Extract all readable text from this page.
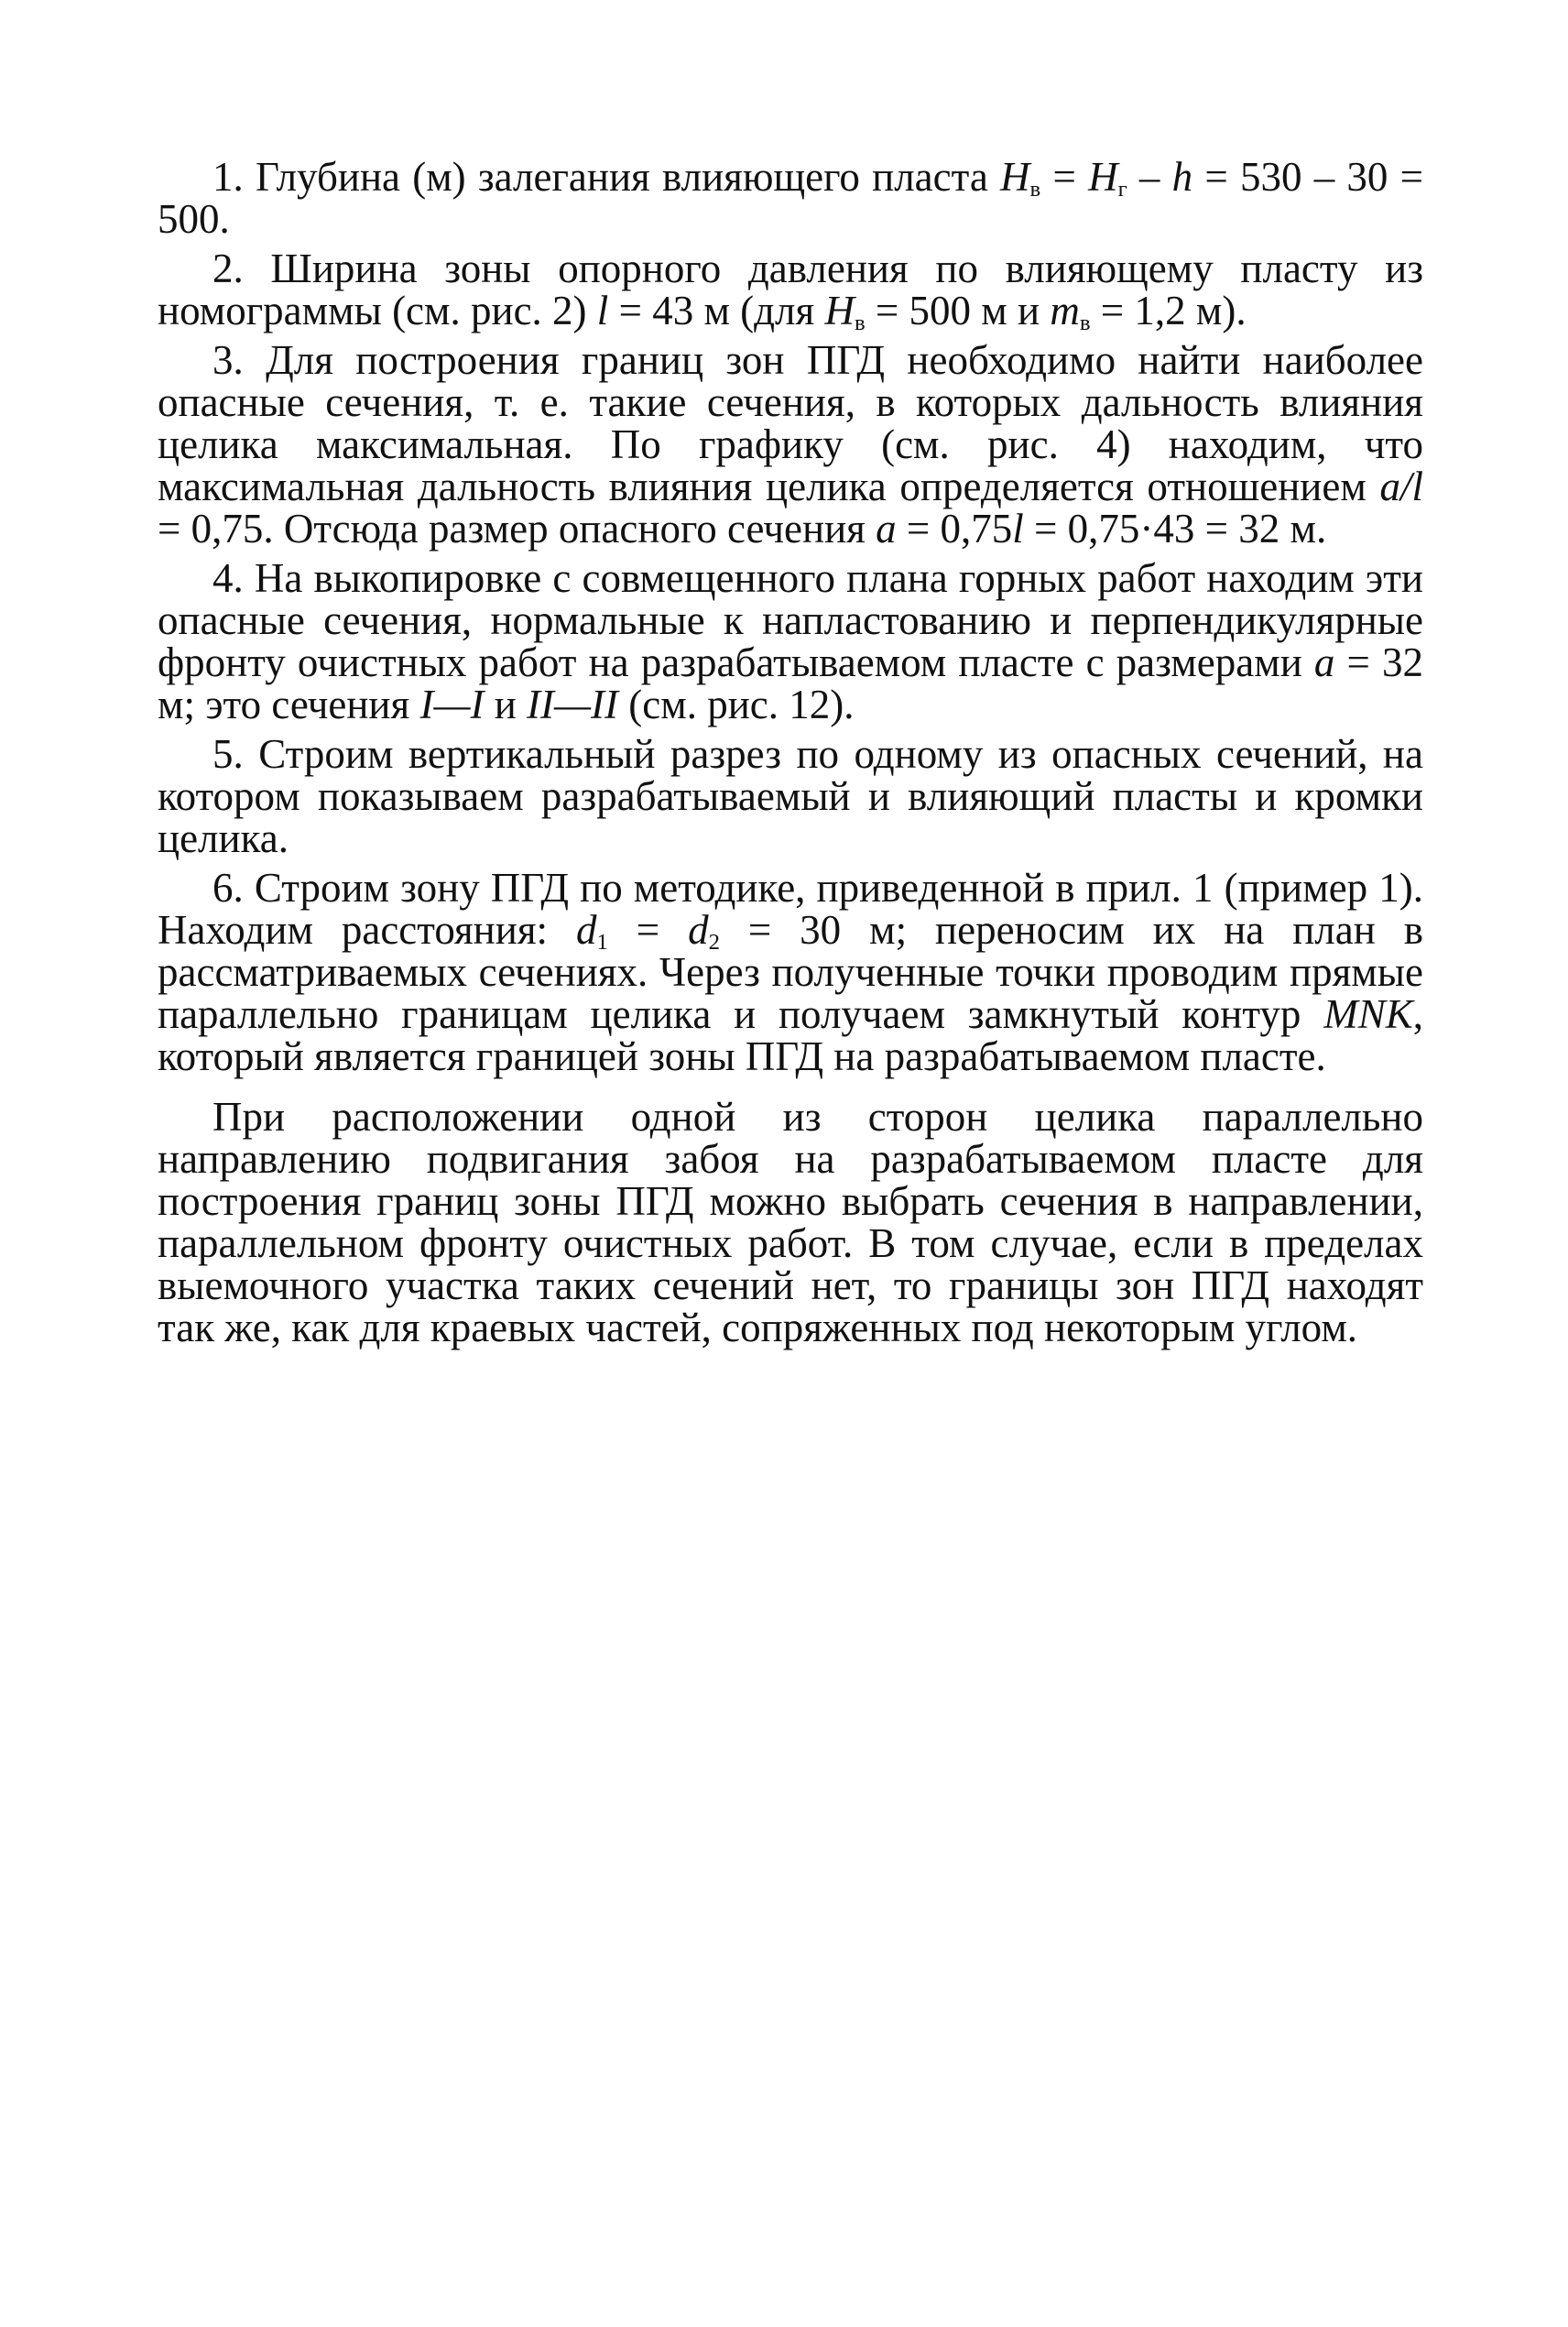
1. Глубина (м) залегания влияющего пласта $H_в = H_г - h = 530 - 30 = 500$.

2. Ширина зоны опорного давления по влияющему пласту из номограммы (см. рис. 2) l = 43 м (для $H_в = 500$ м и $m_в = 1,2$ м).

3. Для построения границ зон ПГД необходимо найти наиболее опасные сечения, т. е. такие сечения, в которых дальность влияния целика максимальная. По графику (см. рис. 4) находим, что максимальная дальность влияния целика определяется отношением a/l = 0,75. Отсюда размер опасного сечения a = 0,75l = 0,75·43 = 32 м.

4. На выкопировке с совмещенного плана горных работ находим эти опасные сечения, нормальные к напластованию и перпендикулярные фронту очистных работ на разрабатываемом пласте с размерами a = 32 м; это сечения I—I и II—II (см. рис. 12).

5. Строим вертикальный разрез по одному из опасных сечений, на котором показываем разрабатываемый и влияющий пласты и кромки целика.

6. Строим зону ПГД по методике, приведенной в прил. 1 (пример 1). Находим расстояния: $d_1 = d_2 = 30$ м; переносим их на план в рассматриваемых сечениях. Через полученные точки проводим прямые параллельно границам целика и получаем замкнутый контур MNK, который является границей зоны ПГД на разрабатываемом пласте.

При расположении одной из сторон целика параллельно направлению подвигания забоя на разрабатываемом пласте для построения границ зоны ПГД можно выбрать сечения в направлении, параллельном фронту очистных работ. В том случае, если в пределах выемочного участка таких сечений нет, то границы зон ПГД находят так же, как для краевых частей, сопряженных под некоторым углом.
